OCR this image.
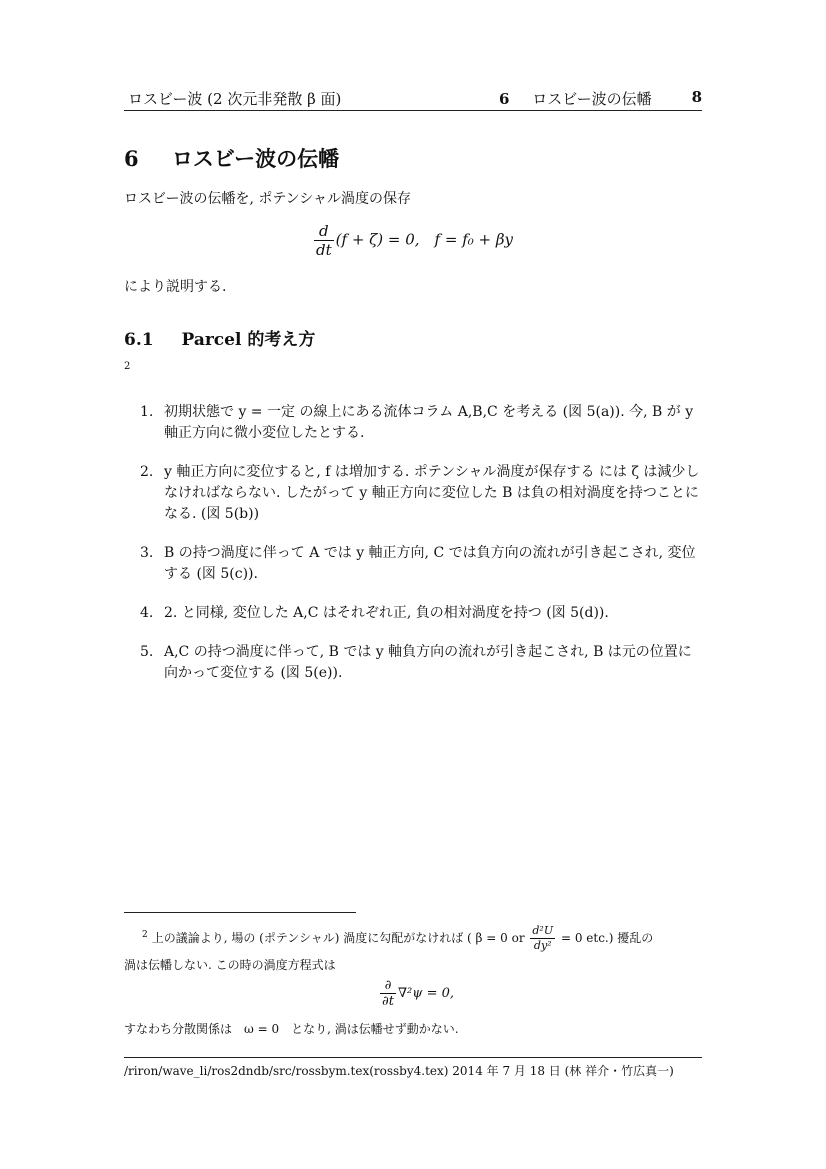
ロスビー波 (2 次元非発散 β 面)	6 ロスビー波の伝幡	8
6 ロスビー波の伝幡
ロスビー波の伝幡を, ポテンシャル渦度の保存
$\frac{d}{dt} (f + \zeta) = 0$,　f = f₀ + βy
により説明する.
6.1 Parcel 的考え方
2
1. 初期状態で y = 一定 の線上にある流体コラム A,B,C を考える (図 5(a)). 今, B が y 軸正方向に微小変位したとする.
2. y 軸正方向に変位すると, f は増加する. ポテンシャル渦度が保存する には ζ は減少しなければならない. したがって y 軸正方向に変位した B は負の相対渦度を持つことになる. (図 5(b))
3. B の持つ渦度に伴って A では y 軸正方向, C では負方向の流れが引き起こされ, 変位する (図 5(c)).
4. 2. と同様, 変位した A,C はそれぞれ正, 負の相対渦度を持つ (図 5(d)).
5. A,C の持つ渦度に伴って, B では y 軸負方向の流れが引き起こされ, B は元の位置に向かって変位する (図 5(e)).
$^2$ 上の議論より, 場の (ポテンシャル) 渦度に勾配がなければ ( β = 0 or $\frac{\text{d²U}}{\text{dy²}} = 0$ etc.) 擾乱の
渦は伝幡しない. この時の渦度方程式は
$\frac{\partial}{\partial t} \nabla^2\psi = 0$,
すなわち分散関係は　ω = 0　となり, 渦は伝幡せず動かない.
/riron/wave_li/ros2dndb/src/rossbym.tex(rossby4.tex) 2014 年 7 月 18 日 (林 祥介・竹広真一)
